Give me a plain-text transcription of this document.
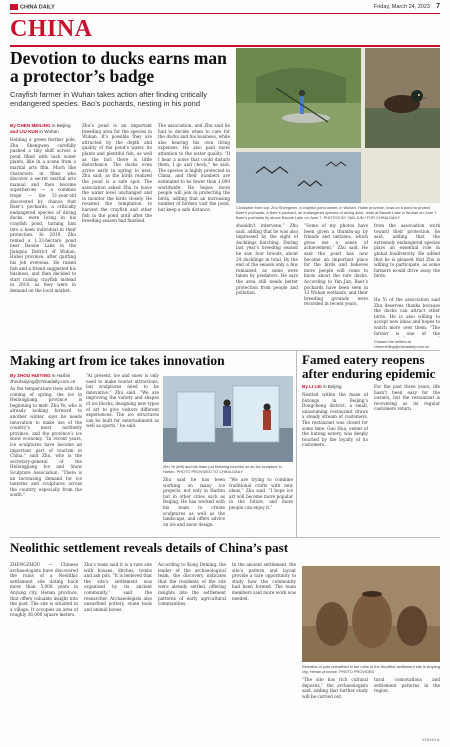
CHINA DAILY	Friday, March 24, 2023 7
CHINA
Devotion to ducks earns man a protector’s badge
Crayfish farmer in Wuhan takes action after finding critically endangered species. Bao’s pochards, nesting in his pond
By CHEN MEILING in Beijing
and LIU KUN in Wuhan
Holding a green feather pole, Zhu Shengwen carefully pushed a tiny skiff across a pond filled with lush water plants, like in a scene from a martial arts film. Much like characters in films who discover a secret martial arts manual and then become superheroes — a common trope — the 51-year-old discovered by chance that Baer’s pochards, a critically endangered species of diving ducks, were living in his crayfish pond, turning him into a keen individual in their protection. In 2019, Zhu rented a 1.33-hectare pond near Baoxie Lake in the Jiangxia District of Wuhan, Hubei province, after quitting his job overseas. He raised fish and a friend suggested his business, and then decided to start raising crayfish instead in 2018, as they were in demand on the local market.
Zhu’s pond is an important breeding area for the species in Wuhan. It’s possible they are attracted by the depth and quality of the pond’s water, its plants and plentiful fish, as well as the fact there is little disturbance. The ducks even arrive early in spring to nest, Zhu said, as the birds realized the pond is a safe spot. The association asked Zhu to leave the water level unchanged and to monitor the birds closely. He resisted the temptation to harvest the crayfish and other fish in the pond until after the breeding season had finished.
The association, and Zhu said he had to decide when to care for the ducks and his business, while also bearing his own living expenses. He also paid more attention to the water quality. “If I hear a noise that could disturb them, I go and check,” he said. The species is highly protected in China, and their numbers are estimated to be fewer than 1,000 worldwide. He hopes more people will join in protecting the birds, adding that an increasing number of birders visit the pond, but keep a safe distance.	Clockwise from top: Zhu Shengwen, a crayfish pond owner, in Wuhan, Hubei province, rows on a pond to protect Baer’s pochards, a Baer’s pochard, an endangered species of diving duck, rests at Baoxie Lake in Wuhan on June 7. Baer’s pochards fly above Baoxie Lake on June 7. PHOTOS BY YAN JUN / FOR CHINA DAILY
shouldn’t intervene,” Zhu said, adding that he was also impressed by the sight of ducklings hatching. During last year’s breeding season he saw four broods, about 24 ducklings in total. By the end of the season only a few remained, as some were taken by predators. He says the area still needs better protection from people and pollution.
“Some of my photos have been given a thumbs-up by friends and netizens, which gives me a sense of achievement,” Zhu said. He said the pond has now become an important place for the birds and believes more people will come to know about the rare ducks. According to Yan Jun, Baer’s pochards have been seen in 12 Wuhan wetlands, and their breeding grounds were recorded in recent years.
from the association work toward their protection, he said, adding that the extremely endangered species plays an essential role in global biodiversity. He added that he is pleased that Zhu is willing to participate, as some farmers would drive away the birds.
Hu Yi of the association said Zhu deserves thanks because the ducks can attract other birds. He is also willing to accept new ideas and hopes to watch more over them. “The farmer is one of the
Contact the writers at chenmeiling@chinadaily.com.cn
Making art from ice takes innovation
By ZHOU HUIYING in Harbin
zhouhuiying@chinadaily.com.cn
As the temperature rises with the coming of spring, the ice in Heilongjiang province is beginning to melt. Zhu Ye, who is already looking forward to another winter, says he needs innovation to make use of the country’s most northerly province, and the province’s ice snow economy. “In recent years, ice sculptures have become an important part of tourism in China,” said Zhu, who is the secretary-general of the Heilongjiang Ice and Snow Sculpture Association. “There is an increasing demand for ice lanterns and sculptures across the country, especially from the south.”
“At present, ice and snow is only used to make tourist attractions, but sculptures need to be innovative,” Zhu said. “We are improving the variety and shapes of ice blocks, designing new types of art to give visitors different experiences. The ice structures can be built for entertainment as well as sports,” he said.
Zhu Ye (left) and his team put finishing touches on an ice sculpture in Harbin. PHOTO PROVIDED TO CHINA DAILY
Zhu said he has been working on many ice projects, not only in Harbin but in other cities such as Beijing. He has worked with his team to create sculptures as well as the landscape, and offers advice on ice and snow design.
“We are trying to combine traditional crafts with new ideas,” Zhu said. “I hope ice art will become more popular in the future, and more people can enjoy it.”
Famed eatery reopens after enduring epidemic
By LI LEI in Beijing
Nestled within the maze of hutongs in Beijing’s Dongcheng district, a small, unassuming restaurant draws a steady stream of customers. The restaurant was closed for some time. Guo Hua, owner of the hutong eatery, was deeply touched by the loyalty of its customers.
For the past three years, life hasn’t been easy for the owners, but the restaurant is recovering as its regular customers return.
Neolithic settlement reveals details of China’s past
ZHENGZHOU — Chinese archaeologists have discovered the ruins of a Neolithic settlement site dating back more than 5,000 years in Anyang city, Henan province, that offers valuable insight into the past. The site is situated in a village. It occupies an area of roughly 36,000 square meters.
Zhu’s team said it is a rare site with houses, ditches, tombs and ash pits. “It is believed that the site’s settlement was organized by its ancient community,” said the researcher. Archaeologists also unearthed pottery, stone tools and animal bones.
According to Kong Deming, the leader of the archaeological team, the discovery indicates that the residents of the site were already settled, offering insights into the settlement patterns of early agricultural communities.
In the ancient settlement, the site’s pattern and layout provide a rare opportunity to study how the community had been formed. The team members said more work was needed.
Remains of pots unearthed in the ruins of the Neolithic settlement site in Anyang city, Henan province. PHOTO PROVIDED
“The site has rich cultural deposits,” the archaeologists said, adding that further study will be carried out.
tural connotations and settlement patterns in the region.
XINHUA
